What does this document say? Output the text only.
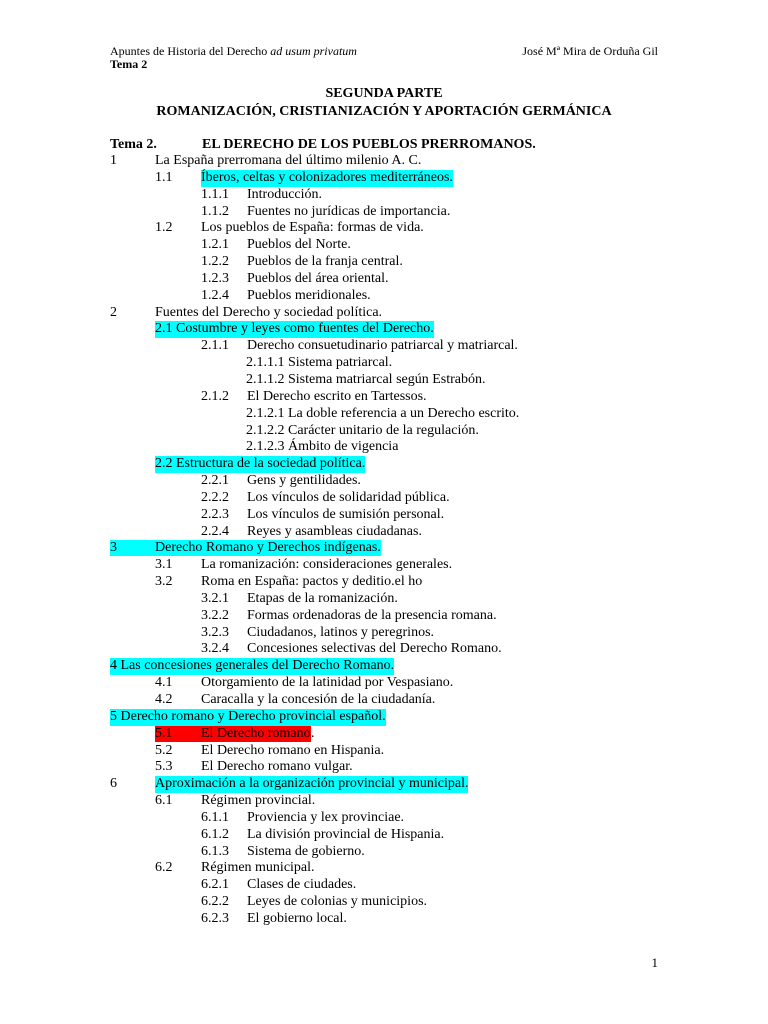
Apuntes de Historia del Derecho ad usum privatum	José Mª Mira de Orduña Gil
Tema 2
SEGUNDA PARTE
ROMANIZACIÓN, CRISTIANIZACIÓN Y APORTACIÓN GERMÁNICA
Tema 2.	EL DERECHO DE LOS PUEBLOS PRERROMANOS.
1	La España prerromana del último milenio A. C.
1.1 Íberos, celtas y colonizadores mediterráneos.
1.1.1 Introducción.
1.1.2 Fuentes no jurídicas de importancia.
1.2 Los pueblos de España: formas de vida.
1.2.1 Pueblos del Norte.
1.2.2 Pueblos de la franja central.
1.2.3 Pueblos del área oriental.
1.2.4 Pueblos meridionales.
2	Fuentes del Derecho y sociedad política.
2.1 Costumbre y leyes como fuentes del Derecho.
2.1.1 Derecho consuetudinario patriarcal y matriarcal.
2.1.1.1 Sistema patriarcal.
2.1.1.2 Sistema matriarcal según Estrabón.
2.1.2 El Derecho escrito en Tartessos.
2.1.2.1 La doble referencia a un Derecho escrito.
2.1.2.2 Carácter unitario de la regulación.
2.1.2.3 Ámbito de vigencia
2.2 Estructura de la sociedad política.
2.2.1 Gens y gentilidades.
2.2.2 Los vínculos de solidaridad pública.
2.2.3 Los vínculos de sumisión personal.
2.2.4 Reyes y asambleas ciudadanas.
3	Derecho Romano y Derechos indígenas.
3.1 La romanización: consideraciones generales.
3.2 Roma en España: pactos y deditio.el ho
3.2.1 Etapas de la romanización.
3.2.2 Formas ordenadoras de la presencia romana.
3.2.3 Ciudadanos, latinos y peregrinos.
3.2.4 Concesiones selectivas del Derecho Romano.
4 Las concesiones generales del Derecho Romano.
4.1 Otorgamiento de la latinidad por Vespasiano.
4.2 Caracalla y la concesión de la ciudadanía.
5 Derecho romano y Derecho provincial español.
5.1 El Derecho romano .
5.2 El Derecho romano en Hispania.
5.3 El Derecho romano vulgar.
6	Aproximación a la organización provincial y municipal.
6.1 Régimen provincial.
6.1.1 Proviencia y lex provinciae.
6.1.2 La división provincial de Hispania.
6.1.3 Sistema de gobierno.
6.2 Régimen municipal.
6.2.1 Clases de ciudades.
6.2.2 Leyes de colonias y municipios.
6.2.3 El gobierno local.
1
